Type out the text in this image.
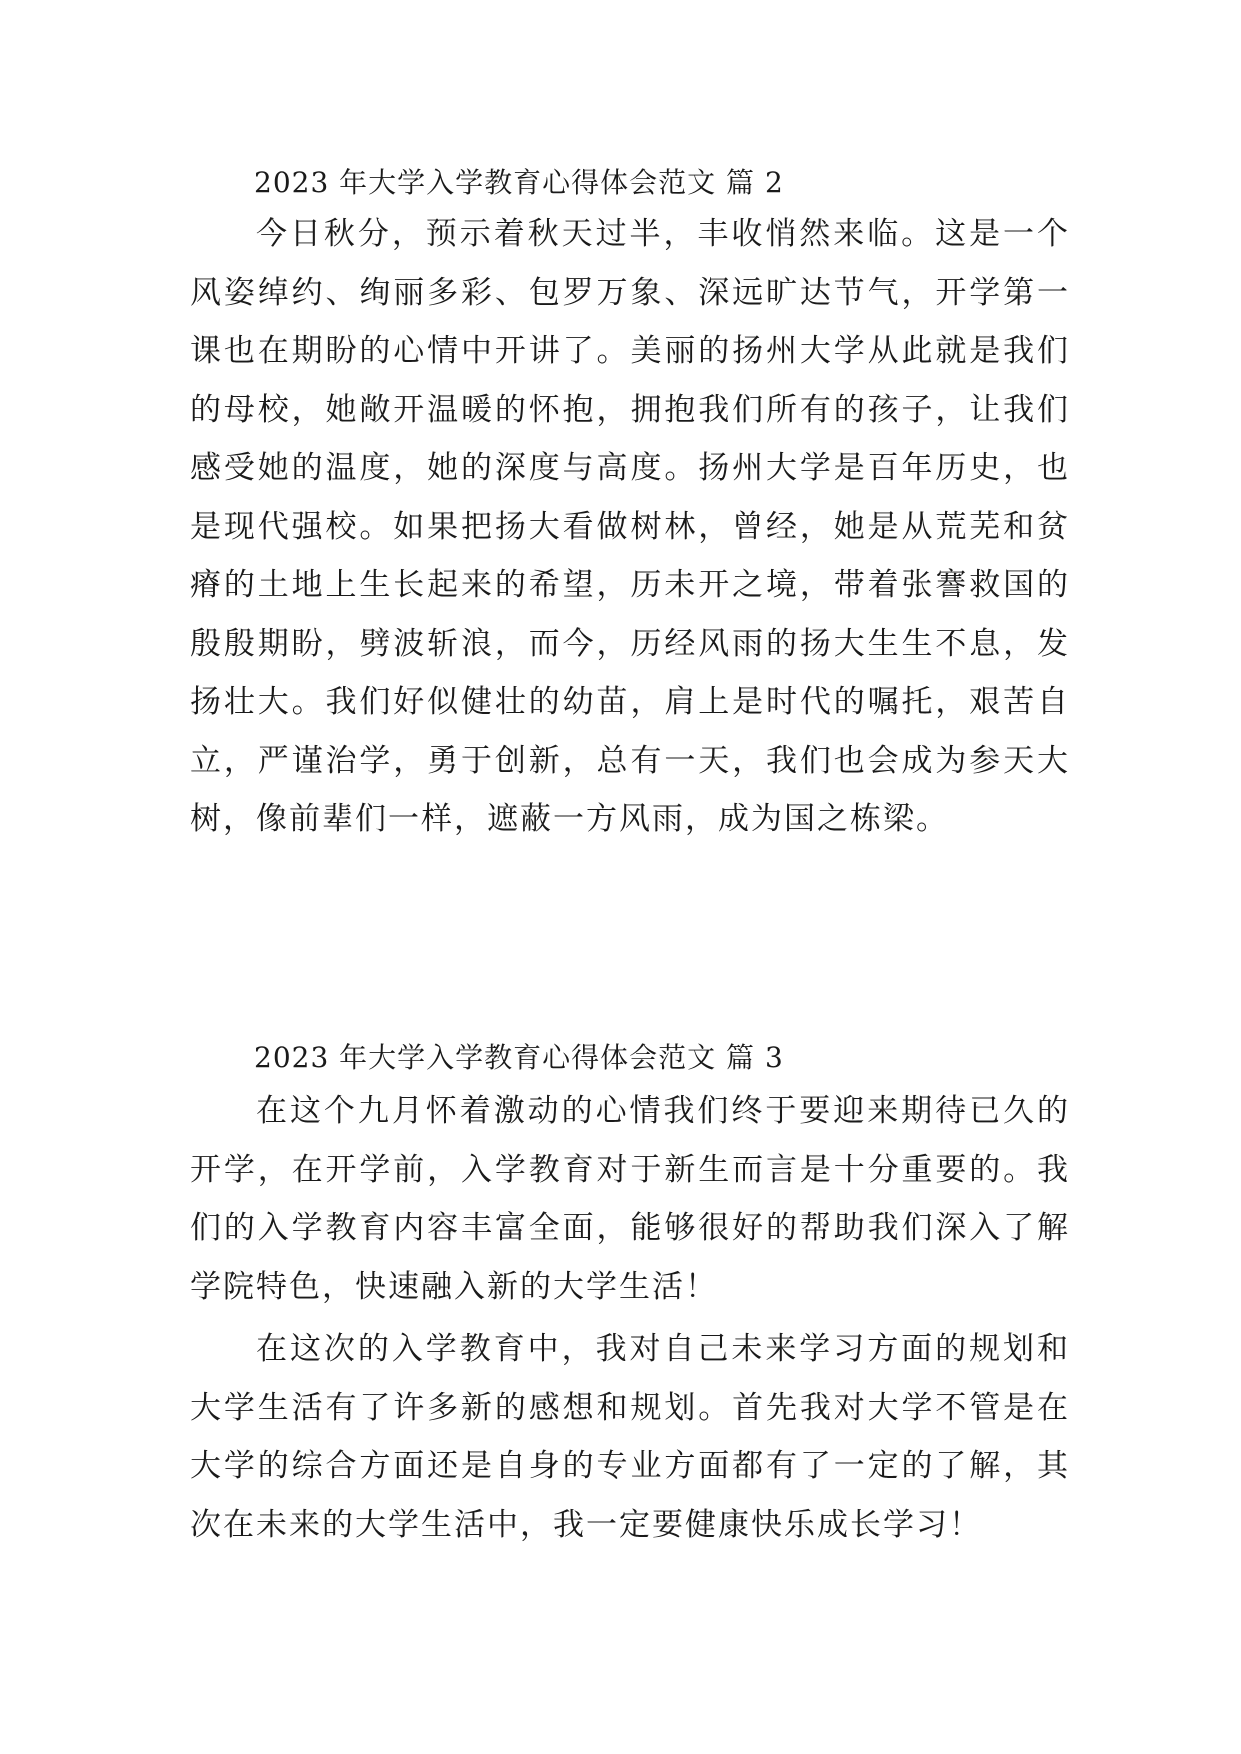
2023 年大学入学教育心得体会范文 篇 2

今日秋分，预示着秋天过半，丰收悄然来临。这是一个风姿绰约、绚丽多彩、包罗万象、深远旷达节气，开学第一课也在期盼的心情中开讲了。美丽的扬州大学从此就是我们的母校，她敞开温暖的怀抱，拥抱我们所有的孩子，让我们感受她的温度，她的深度与高度。扬州大学是百年历史，也是现代强校。如果把扬大看做树林，曾经，她是从荒芜和贫瘠的土地上生长起来的希望，历未开之境，带着张謇救国的殷殷期盼，劈波斩浪，而今，历经风雨的扬大生生不息，发扬壮大。我们好似健壮的幼苗，肩上是时代的嘱托，艰苦自立，严谨治学，勇于创新，总有一天，我们也会成为参天大树，像前辈们一样，遮蔽一方风雨，成为国之栋梁。

2023 年大学入学教育心得体会范文 篇 3

在这个九月怀着激动的心情我们终于要迎来期待已久的开学，在开学前，入学教育对于新生而言是十分重要的。我们的入学教育内容丰富全面，能够很好的帮助我们深入了解学院特色，快速融入新的大学生活！

在这次的入学教育中，我对自己未来学习方面的规划和大学生活有了许多新的感想和规划。首先我对大学不管是在大学的综合方面还是自身的专业方面都有了一定的了解，其次在未来的大学生活中，我一定要健康快乐成长学习！
